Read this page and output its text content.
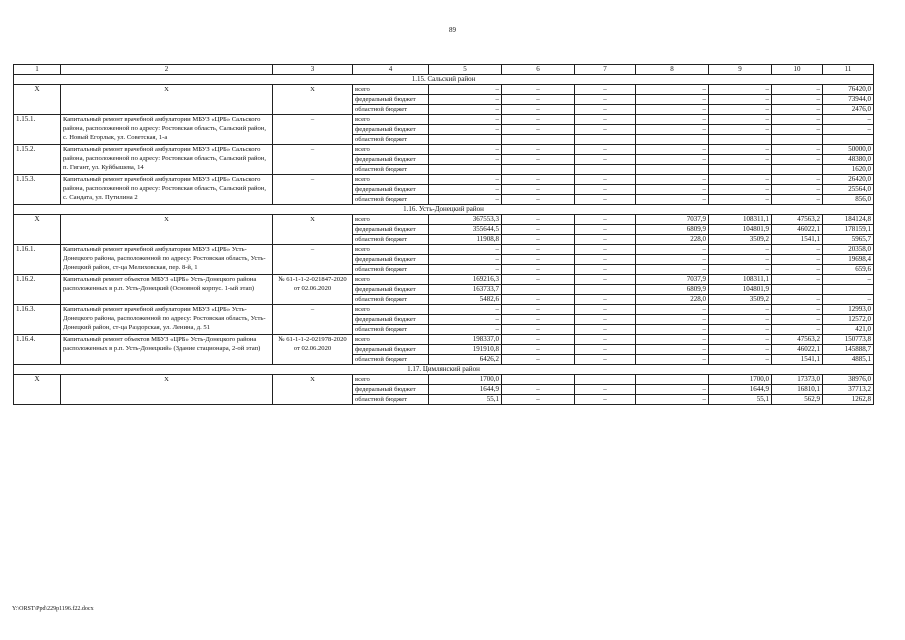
89
1	2	3	4	5	6	7	8	9	10	11
1.15. Сальский район										
X	X	X	всего	–	–	–	–	–	–	76420,0
			федеральный бюджет	–	–	–	–	–	–	73944,0
			областной бюджет	–	–	–	–	–	–	2476,0
1.15.1.	Капитальный ремонт врачебной амбулатории МБУЗ «ЦРБ» Сальского района, расположенной по адресу: Ростовская область, Сальский район, с. Новый Егорлык, ул. Советская, 1-а	–	всего	–	–	–	–	–	–	–
			федеральный бюджет	–	–	–	–	–	–	–
			областной бюджет							
1.15.2.	Капитальный ремонт врачебной амбулатории МБУЗ «ЦРБ» Сальского района, расположенной по адресу: Ростовская область, Сальский район, п. Гигант, ул. Куйбышева, 14	–	всего	–	–	–	–	–	–	50000,0
			федеральный бюджет	–	–	–	–	–	–	48380,0
			областной бюджет							1620,0
1.15.3.	Капитальный ремонт врачебной амбулатории МБУЗ «ЦРБ» Сальского района, расположенной по адресу: Ростовская область, Сальский район, с. Сандата, ул. Путилина 2	–	всего	–	–	–	–	–	–	26420,0
			федеральный бюджет	–	–	–	–	–	–	25564,0
			областной бюджет	–	–	–	–	–	–	856,0
1.16. Усть-Донецкий район										
X	X	X	всего	367553,3	–	–	7037,9	108311,1	47563,2	184124,8
			федеральный бюджет	355644,5	–	–	6809,9	104801,9	46022,1	178159,1
			областной бюджет	11908,8	–	–	228,0	3509,2	1541,1	5965,7
1.16.1.	Капитальный ремонт врачебной амбулатории МБУЗ «ЦРБ» Усть-Донецкого района, расположенной по адресу: Ростовская область, Усть-Донецкий район, ст-ца Мелиховская, пер. 8-й, 1	–	всего	–	–	–	–	–	–	20358,0
			федеральный бюджет	–	–	–	–	–	–	19698,4
			областной бюджет	–	–	–	–	–	–	659,6
1.16.2.	Капитальный ремонт объектов МБУЗ «ЦРБ» Усть-Донецкого района расположенных в р.п. Усть-Донецкий (Основной корпус. 1-ый этап)	№ 61-1-1-2-021847-2020 от 02.06.2020	всего	169216,3	–	–	7037,9	108311,1	–	–
			федеральный бюджет	163733,7			6809,9	104801,9		
			областной бюджет	5482,6	–	–	228,0	3509,2	–	–
1.16.3.	Капитальный ремонт врачебной амбулатории МБУЗ «ЦРБ» Усть-Донецкого района, расположенной по адресу: Ростовская область, Усть-Донецкий район, ст-ца Раздорская, ул. Ленина, д. 51	–	всего	–	–	–	–	–	–	12993,0
			федеральный бюджет	–	–	–	–	–	–	12572,0
			областной бюджет	–	–	–	–	–	–	421,0
1.16.4.	Капитальный ремонт объектов МБУЗ «ЦРБ» Усть-Донецкого района расположенных в р.п. Усть-Донецкий» (Здание стационара, 2-ой этап)	№ 61-1-1-2-021978-2020 от 02.06.2020	всего	198337,0	–	–	–	–	47563,2	150773,8
			федеральный бюджет	191910,8	–	–	–	–	46022,1	145888,7
			областной бюджет	6426,2	–	–	–	–	1541,1	4885,1
1.17. Цимлянский район										
X	X	X	всего	1700,0				1700,0	17373,0	38976,0
			федеральный бюджет	1644,9	–	–	–	1644,9	16810,1	37713,2
			областной бюджет	55,1	–	–	–	55,1	562,9	1262,8
Y:\ORST\Ppd\229p1196.f22.docx
